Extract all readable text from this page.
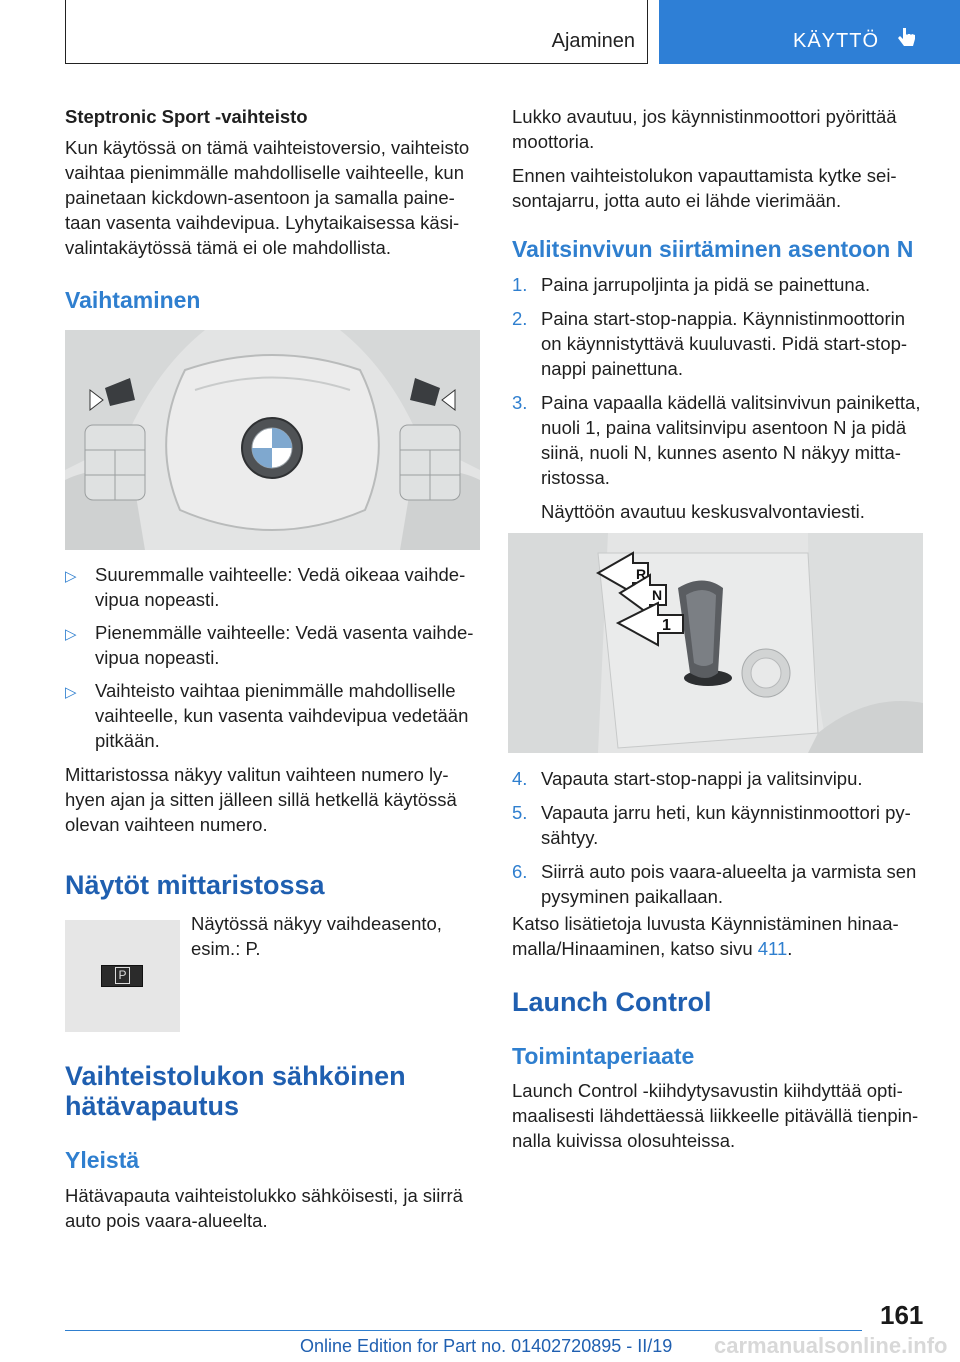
Ajaminen	KÄYTTÖ
Steptronic Sport -vaihteisto
Kun käytössä on tämä vaihteistoversio, vaihteisto
vaihtaa pienimmälle mahdolliselle vaihteelle, kun
painetaan kickdown-asentoon ja samalla paine-
taan vasenta vaihdevipua. Lyhytaikaisessa käsi-
valintakäytössä tämä ei ole mahdollista.
Vaihtaminen
▷ Suuremmalle vaihteelle: Vedä oikeaa vaihde-
vipua nopeasti.
▷ Pienemmälle vaihteelle: Vedä vasenta vaihde-
vipua nopeasti.
▷ Vaihteisto vaihtaa pienimmälle mahdolliselle
vaihteelle, kun vasenta vaihdevipua vedetään
pitkään.
Mittaristossa näkyy valitun vaihteen numero ly-
hyen ajan ja sitten jälleen sillä hetkellä käytössä
olevan vaihteen numero.
Näytöt mittaristossa
P
Näytössä näkyy vaihdeasento,
esim.: P.
Vaihteistolukon sähköinen
hätävapautus
Yleistä
Hätävapauta vaihteistolukko sähköisesti, ja siirrä
auto pois vaara-alueelta.
Lukko avautuu, jos käynnistinmoottori pyörittää
moottoria.
Ennen vaihteistolukon vapauttamista kytke sei-
sontajarru, jotta auto ei lähde vierimään.
Valitsinvivun siirtäminen asentoon N
1. Paina jarrupoljinta ja pidä se painettuna.
2. Paina start-stop-nappia. Käynnistinmoottorin
on käynnistyttävä kuuluvasti. Pidä start-stop-
nappi painettuna.
3. Paina vapaalla kädellä valitsinvivun painiketta,
nuoli 1, paina valitsinvipu asentoon N ja pidä
siinä, nuoli N, kunnes asento N näkyy mitta-
ristossa.
Näyttöön avautuu keskusvalvontaviesti.
R
N
1
4. Vapauta start-stop-nappi ja valitsinvipu.
5. Vapauta jarru heti, kun käynnistinmoottori py-
sähtyy.
6. Siirrä auto pois vaara-alueelta ja varmista sen
pysyminen paikallaan.
Katso lisätietoja luvusta Käynnistäminen hinaa-
malla/Hinaaminen, katso sivu 411.
Launch Control
Toimintaperiaate
Launch Control -kiihdytysavustin kiihdyttää opti-
maalisesti lähdettäessä liikkeelle pitävällä tienpin-
nalla kuivissa olosuhteissa.
161
Online Edition for Part no. 01402720895 - II/19 carmanualsonline.info
